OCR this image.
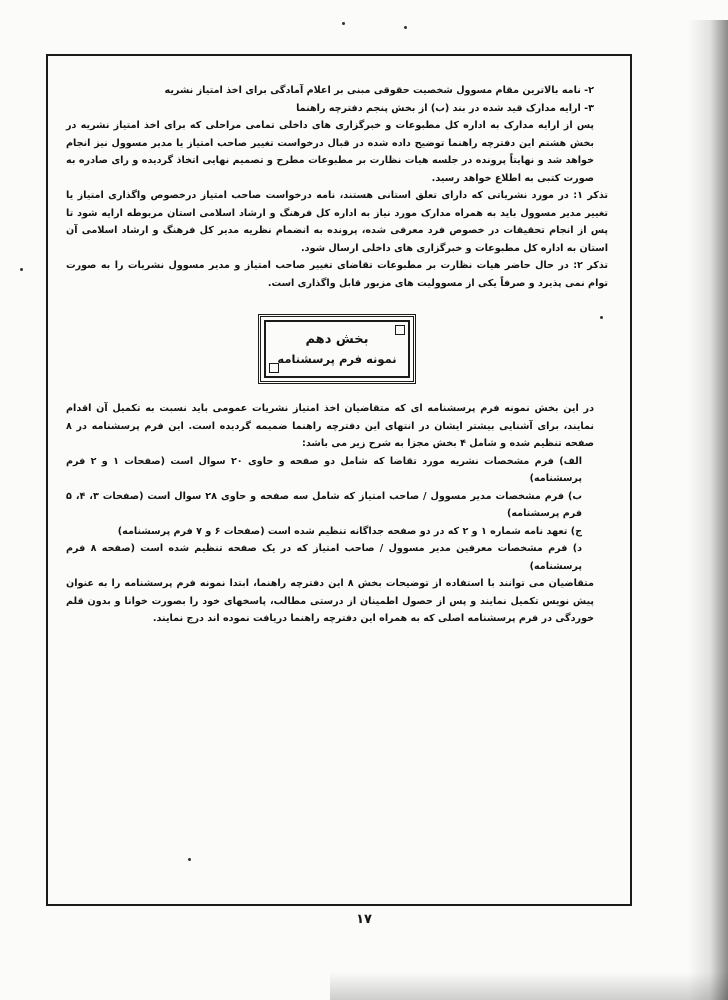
۲- نامه بالاترین مقام مسوول شخصیت حقوقی مبنی بر اعلام آمادگی برای اخذ امتیاز نشریه

۳- ارایه مدارک قید شده در بند (ب) از بخش پنجم دفترچه راهنما

پس از ارایه مدارک به اداره کل مطبوعات و خبرگزاری های داخلی تمامی مراحلی که برای اخذ امتیاز نشریه در بخش هشتم این دفترچه راهنما توضیح داده شده در قبال درخواست تغییر صاحب امتیاز یا مدیر مسوول نیز انجام خواهد شد و نهایتاً پرونده در جلسه هیات نظارت بر مطبوعات مطرح و تصمیم نهایی اتخاذ گردیده و رای صادره به صورت کتبی به اطلاع خواهد رسید.

تذکر ۱: در مورد نشریاتی که دارای تعلق استانی هستند، نامه درخواست صاحب امتیاز درخصوص واگذاری امتیاز یا تغییر مدیر مسوول باید به همراه مدارک مورد نیاز به اداره کل فرهنگ و ارشاد اسلامی استان مربوطه ارایه شود تا پس از انجام تحقیقات در خصوص فرد معرفی شده، پرونده به انضمام نظریه مدیر کل فرهنگ و ارشاد اسلامی آن استان به اداره کل مطبوعات و خبرگزاری های داخلی ارسال شود.

تذکر ۲: در حال حاضر هیات نظارت بر مطبوعات تقاضای تغییر صاحب امتیاز و مدیر مسوول نشریات را به صورت توام نمی پذیرد و صرفاً یکی از مسوولیت های مزبور قابل واگذاری است.

بخش دهم
نمونه فرم پرسشنامه

در این بخش نمونه فرم پرسشنامه ای که متقاضیان اخذ امتیاز نشریات عمومی باید نسبت به تکمیل آن اقدام نمایند، برای آشنایی بیشتر ایشان در انتهای این دفترچه راهنما ضمیمه گردیده است. این فرم پرسشنامه در ۸ صفحه تنظیم شده و شامل ۴ بخش مجزا به شرح زیر می باشد:

الف) فرم مشخصات نشریه مورد تقاضا که شامل دو صفحه و حاوی ۲۰ سوال است (صفحات ۱ و ۲ فرم پرسشنامه)

ب) فرم مشخصات مدیر مسوول / صاحب امتیاز که شامل سه صفحه و حاوی ۲۸ سوال است (صفحات ۳، ۴، ۵ فرم پرسشنامه)

ج) تعهد نامه شماره ۱ و ۲ که در دو صفحه جداگانه تنظیم شده است (صفحات ۶ و ۷ فرم پرسشنامه)

د) فرم مشخصات معرفین مدیر مسوول / صاحب امتیاز که در یک صفحه تنظیم شده است (صفحه ۸ فرم پرسشنامه)

متقاضیان می توانند با استفاده از توضیحات بخش ۸ این دفترچه راهنما، ابتدا نمونه فرم پرسشنامه را به عنوان پیش نویس تکمیل نمایند و پس از حصول اطمینان از درستی مطالب، پاسخهای خود را بصورت خوانا و بدون قلم خوردگی در فرم پرسشنامه اصلی که به همراه این دفترچه راهنما دریافت نموده اند درج نمایند.

۱۷
